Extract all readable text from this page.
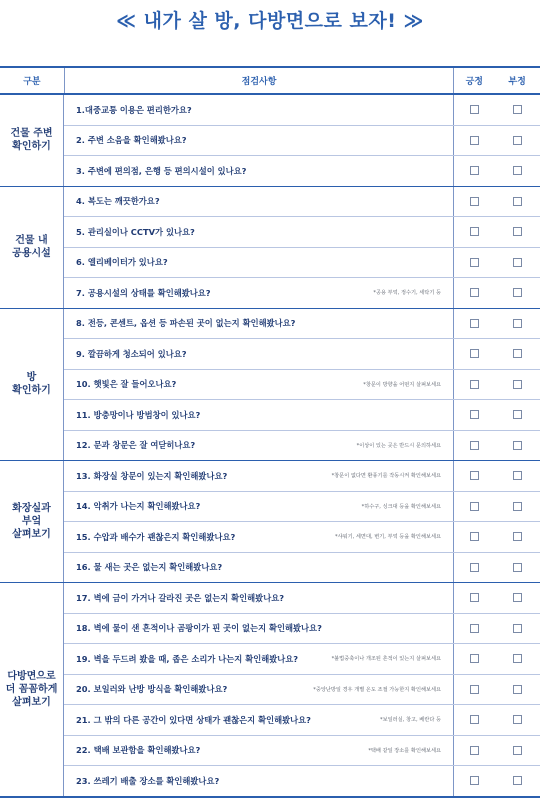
≪ 내가 살 방, 다방면으로 보자! ≫
구분	점검사항	긍정	부정
건물 주변
확인하기
1.대중교통 이용은 편리한가요?
2. 주변 소음을 확인해봤나요?
3. 주변에 편의점, 은행 등 편의시설이 있나요?
건물 내
공용시설
4. 복도는 깨끗한가요?
5. 관리실이나 CCTV가 있나요?
6. 엘리베이터가 있나요?
7. 공용시설의 상태를 확인해봤나요?	*공용 부엌, 정수기, 세탁기 등
방
확인하기
8. 전등, 콘센트, 옵션 등 파손된 곳이 없는지 확인해봤나요?
9. 깔끔하게 청소되어 있나요?
10. 햇빛은 잘 들어오나요?	*창문이 방향을 어떤지 살펴보세요
11. 방충망이나 방범창이 있나요?
12. 문과 창문은 잘 여닫히나요?	*이상이 있는 곳은 반드시 문의하세요
화장실과
부엌
살펴보기
13. 화장실 창문이 있는지 확인해봤나요?	*창문이 없다면 환풍기를 작동시켜 확인해보세요
14. 악취가 나는지 확인해봤나요?	*하수구, 싱크대 등을 확인해보세요
15. 수압과 배수가 괜찮은지 확인해봤나요?	*샤워기, 세면대, 변기, 부엌 등을 확인해보세요
16. 물 새는 곳은 없는지 확인해봤나요?
다방면으로
더 꼼꼼하게
살펴보기
17. 벽에 금이 가거나 갈라진 곳은 없는지 확인해봤나요?
18. 벽에 물이 샌 흔적이나 곰팡이가 핀 곳이 없는지 확인해봤나요?
19. 벽을 두드려 봤을 때, 좁은 소리가 나는지 확인해봤나요?	*불법중축이나 개조된 흔적이 있는지 살펴보세요
20. 보일러와 난방 방식을 확인해봤나요?	*중앙난방일 경우 개별 온도 조절 가능한지 확인해보세요
21. 그 밖의 다른 공간이 있다면 상태가 괜찮은지 확인해봤나요?	*보일러실, 창고, 베란다 등
22. 택배 보관함을 확인해봤나요?	*택배 같일 장소를 확인해보세요
23. 쓰레기 배출 장소를 확인해봤나요?
